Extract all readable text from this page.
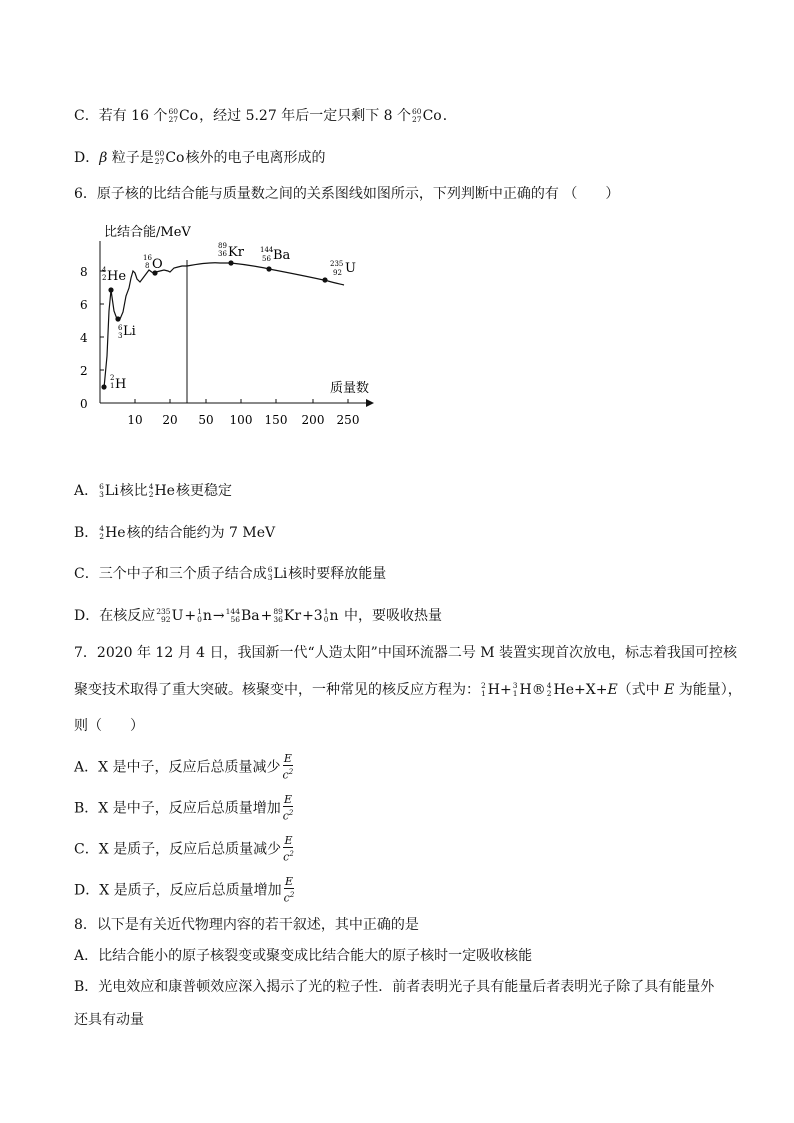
C．若有 16 个 60
27 Co ，经过 5.27 年后一定只剩下 8 个 60
27 Co ．
D．β 粒子是 60
27 Co 核外的电子电离形成的
6．原子核的比结合能与质量数之间的关系图线如图所示，下列判断中正确的有 （　　）
比结合能/MeV
0
2
4
6
8
10 20 50 100 150 200 250
质量数
2
1 H
4
2 He
6
3 Li
16
8 O
89
36 Kr 144
56 Ba
235
92 U
A． 6
3 Li 核比 4
2 He 核更稳定
B． 4
2 He 核的结合能约为 7 MeV
C．三个中子和三个质子结合成 6
3 Li 核时要释放能量
D．在核反应 235
92 U + 1
0 n → 144
56 Ba + 89
36 Kr +3 1
0 n 中，要吸收热量
7．2020 年 12 月 4 日，我国新一代“人造太阳”中国环流器二号 M 装置实现首次放电，标志着我国可控核
聚变技术取得了重大突破。核聚变中，一种常见的核反应方程为： 2
1 H+ 3
1 H® 4
2 He+X+E（式中 E 为能量），
则（　　）
A．X 是中子，反应后总质量减少 $\frac{E}{c^2}$
B．X 是中子，反应后总质量增加 $\frac{E}{c^2}$
C．X 是质子，反应后总质量减少 $\frac{E}{c^2}$
D．X 是质子，反应后总质量增加 $\frac{E}{c^2}$
8．以下是有关近代物理内容的若干叙述，其中正确的是
A．比结合能小的原子核裂变或聚变成比结合能大的原子核时一定吸收核能
B．光电效应和康普顿效应深入揭示了光的粒子性．前者表明光子具有能量后者表明光子除了具有能量外
还具有动量
